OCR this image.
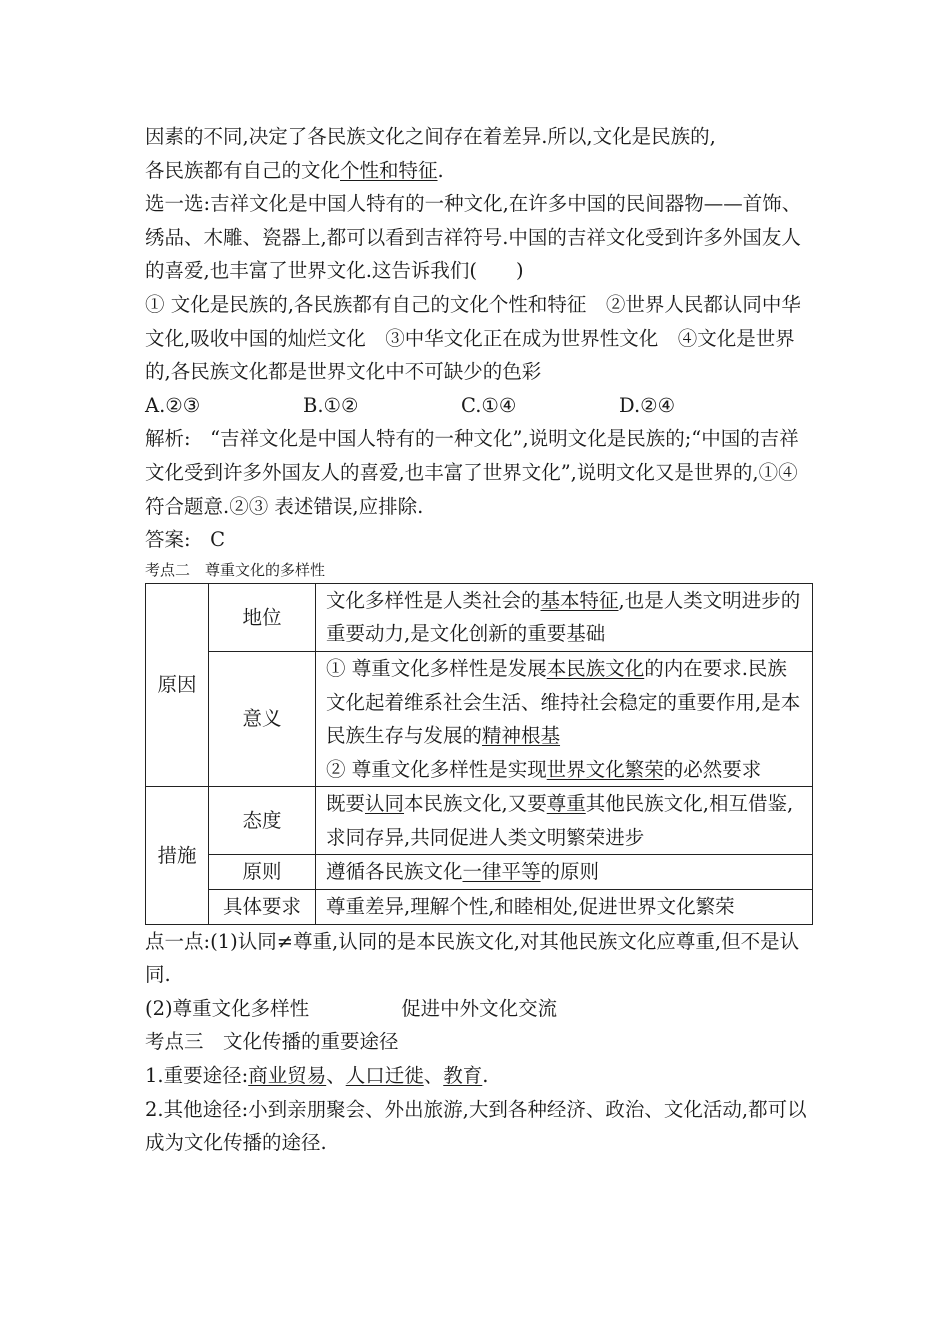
因素的不同,决定了各民族文化之间存在着差异.所以,文化是民族的,

各民族都有自己的文化个性和特征.

选一选:吉祥文化是中国人特有的一种文化,在许多中国的民间器物——首饰、绣品、木雕、瓷器上,都可以看到吉祥符号.中国的吉祥文化受到许多外国友人的喜爱,也丰富了世界文化.这告诉我们(　　)

① 文化是民族的,各民族都有自己的文化个性和特征　②世界人民都认同中华文化,吸收中国的灿烂文化　③中华文化正在成为世界性文化　④文化是世界的,各民族文化都是世界文化中不可缺少的色彩

A.②③	B.①②	C.①④	D.②④

解析:　“吉祥文化是中国人特有的一种文化”,说明文化是民族的;“中国的吉祥文化受到许多外国友人的喜爱,也丰富了世界文化”,说明文化又是世界的,①④ 符合题意.②③ 表述错误,应排除.

答案:　C

考点二　尊重文化的多样性

原因	地位	文化多样性是人类社会的基本特征,也是人类文明进步的重要动力,是文化创新的重要基础
	意义	① 尊重文化多样性是发展本民族文化的内在要求.民族文化起着维系社会生活、维持社会稳定的重要作用,是本民族生存与发展的精神根基
② 尊重文化多样性是实现世界文化繁荣的必然要求
措施	态度	既要认同本民族文化,又要尊重其他民族文化,相互借鉴,求同存异,共同促进人类文明繁荣进步
	原则	遵循各民族文化一律平等的原则
	具体要求	尊重差异,理解个性,和睦相处,促进世界文化繁荣

点一点:(1)认同≠尊重,认同的是本民族文化,对其他民族文化应尊重,但不是认同.

(2)尊重文化多样性	促进中外文化交流

考点三　文化传播的重要途径

1.重要途径:商业贸易、人口迁徙、教育.

2.其他途径:小到亲朋聚会、外出旅游,大到各种经济、政治、文化活动,都可以成为文化传播的途径.
